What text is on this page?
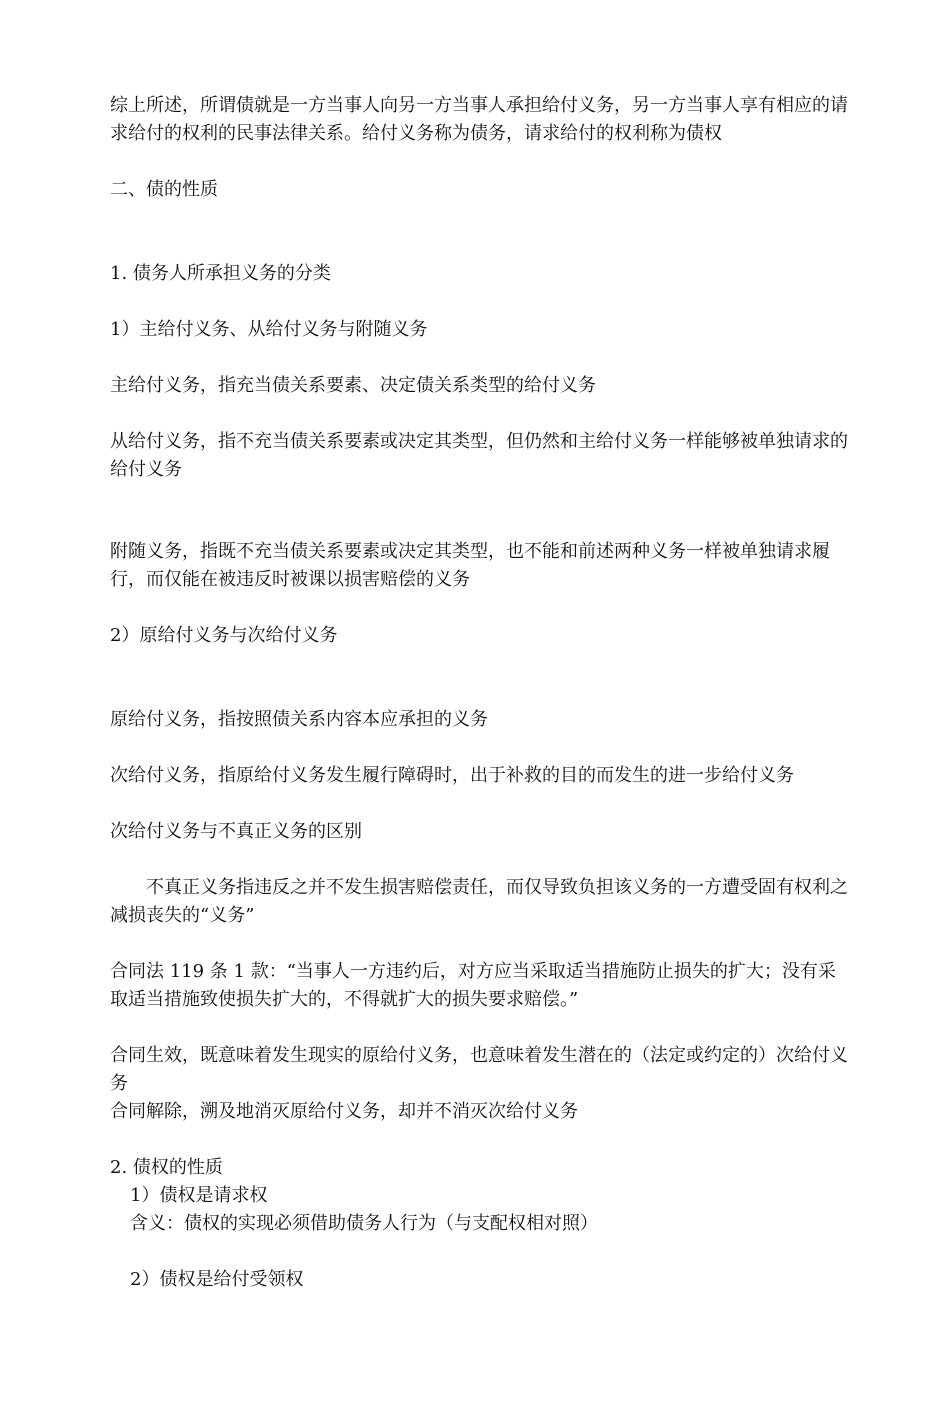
综上所述，所谓债就是一方当事人向另一方当事人承担给付义务，另一方当事人享有相应的请求给付的权利的民事法律关系。给付义务称为债务，请求给付的权利称为债权
二、债的性质
1. 债务人所承担义务的分类
1）主给付义务、从给付义务与附随义务
主给付义务，指充当债关系要素、决定债关系类型的给付义务
从给付义务，指不充当债关系要素或决定其类型，但仍然和主给付义务一样能够被单独请求的给付义务
附随义务，指既不充当债关系要素或决定其类型，也不能和前述两种义务一样被单独请求履行，而仅能在被违反时被课以损害赔偿的义务
2）原给付义务与次给付义务
原给付义务，指按照债关系内容本应承担的义务
次给付义务，指原给付义务发生履行障碍时，出于补救的目的而发生的进一步给付义务
次给付义务与不真正义务的区别
　　不真正义务指违反之并不发生损害赔偿责任，而仅导致负担该义务的一方遭受固有权利之减损丧失的“义务”
合同法 119 条 1 款：“当事人一方违约后，对方应当采取适当措施防止损失的扩大；没有采取适当措施致使损失扩大的，不得就扩大的损失要求赔偿。”
合同生效，既意味着发生现实的原给付义务，也意味着发生潜在的（法定或约定的）次给付义务
合同解除，溯及地消灭原给付义务，却并不消灭次给付义务
2. 债权的性质
1）债权是请求权
含义：债权的实现必须借助债务人行为（与支配权相对照）
2）债权是给付受领权
